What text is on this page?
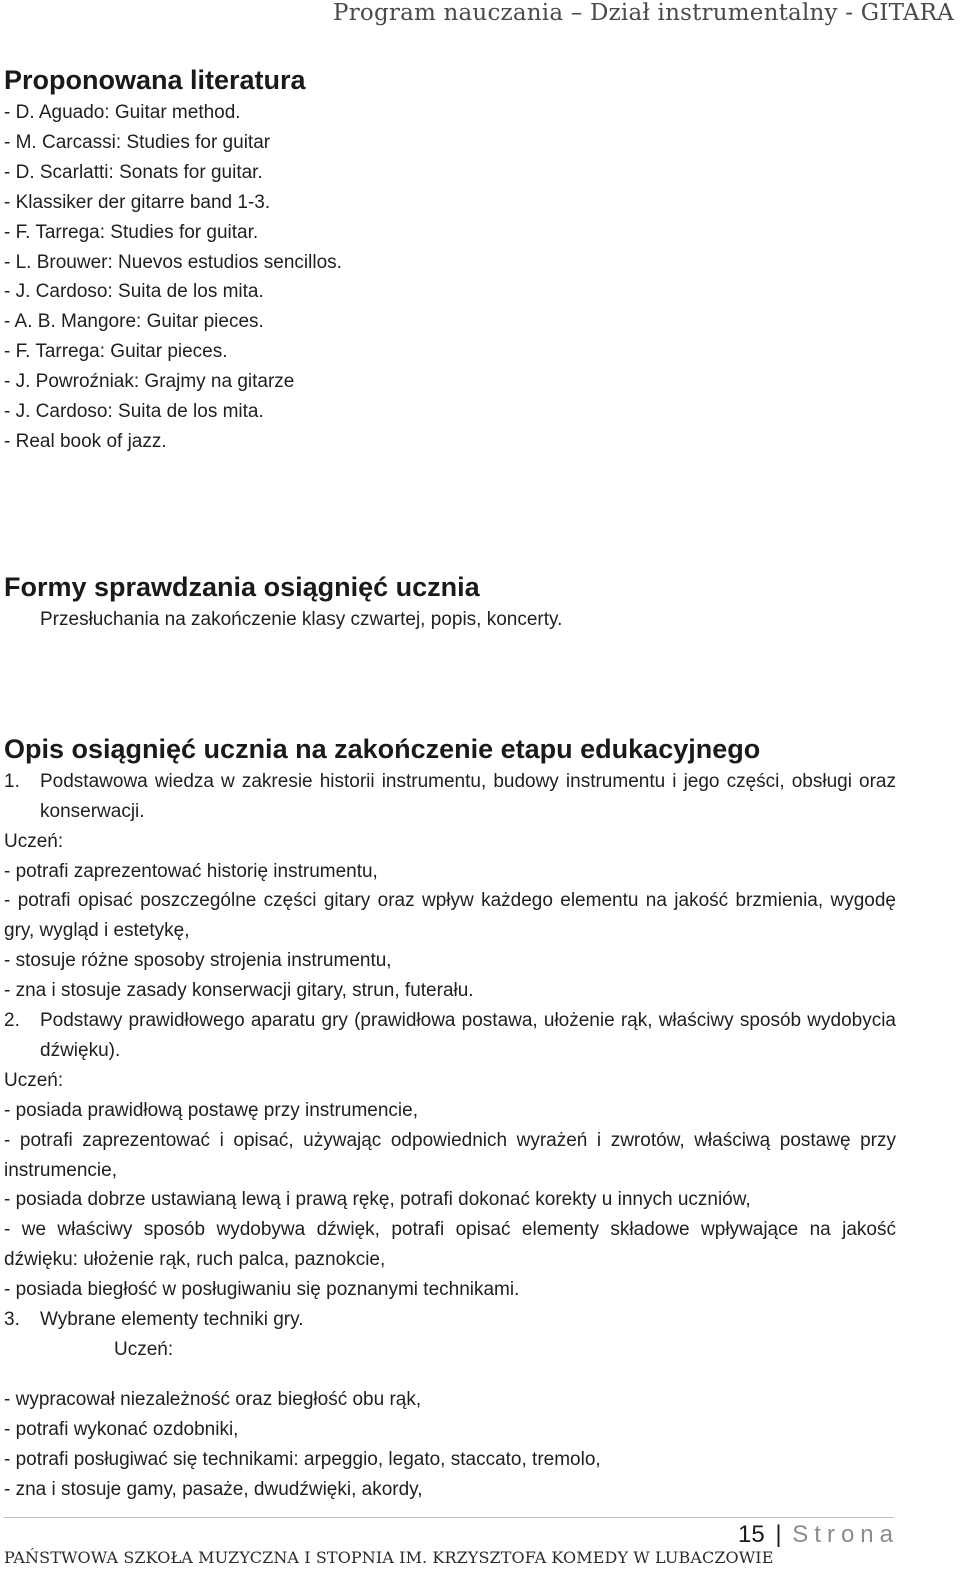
Program nauczania – Dział instrumentalny - GITARA
Proponowana literatura
- D. Aguado: Guitar method.
- M. Carcassi: Studies for guitar
- D. Scarlatti: Sonats for guitar.
- Klassiker der gitarre band 1-3.
- F. Tarrega: Studies for guitar.
- L. Brouwer: Nuevos estudios sencillos.
- J. Cardoso: Suita de los mita.
- A. B. Mangore: Guitar pieces.
- F. Tarrega: Guitar pieces.
- J. Powroźniak: Grajmy na gitarze
- J. Cardoso: Suita de los mita.
- Real book of jazz.
Formy sprawdzania osiągnięć ucznia
Przesłuchania na zakończenie klasy czwartej, popis, koncerty.
Opis osiągnięć ucznia na zakończenie etapu edukacyjnego
1.	Podstawowa wiedza w zakresie historii instrumentu, budowy instrumentu i jego części, obsługi oraz konserwacji.
Uczeń:
- potrafi zaprezentować historię instrumentu,
- potrafi opisać poszczególne części gitary oraz wpływ każdego elementu na jakość brzmienia, wygodę gry, wygląd i estetykę,
- stosuje różne sposoby strojenia instrumentu,
- zna i stosuje zasady konserwacji gitary, strun, futerału.
2.	Podstawy prawidłowego aparatu gry (prawidłowa postawa, ułożenie rąk, właściwy sposób wydobycia dźwięku).
Uczeń:
- posiada prawidłową postawę przy instrumencie,
- potrafi zaprezentować i opisać, używając odpowiednich wyrażeń i zwrotów, właściwą postawę przy instrumencie,
- posiada dobrze ustawianą lewą i prawą rękę, potrafi dokonać korekty u innych uczniów,
- we właściwy sposób wydobywa dźwięk, potrafi opisać elementy składowe wpływające na jakość dźwięku: ułożenie rąk, ruch palca, paznokcie,
- posiada biegłość w posługiwaniu się poznanymi technikami.
3.	Wybrane elementy techniki gry.
Uczeń:
- wypracował niezależność oraz biegłość obu rąk,
- potrafi wykonać ozdobniki,
- potrafi posługiwać się technikami: arpeggio, legato, staccato, tremolo,
- zna i stosuje gamy, pasaże, dwudźwięki, akordy,
15 | Strona
PAŃSTWOWA SZKOŁA MUZYCZNA I STOPNIA IM. KRZYSZTOFA KOMEDY W LUBACZOWIE
